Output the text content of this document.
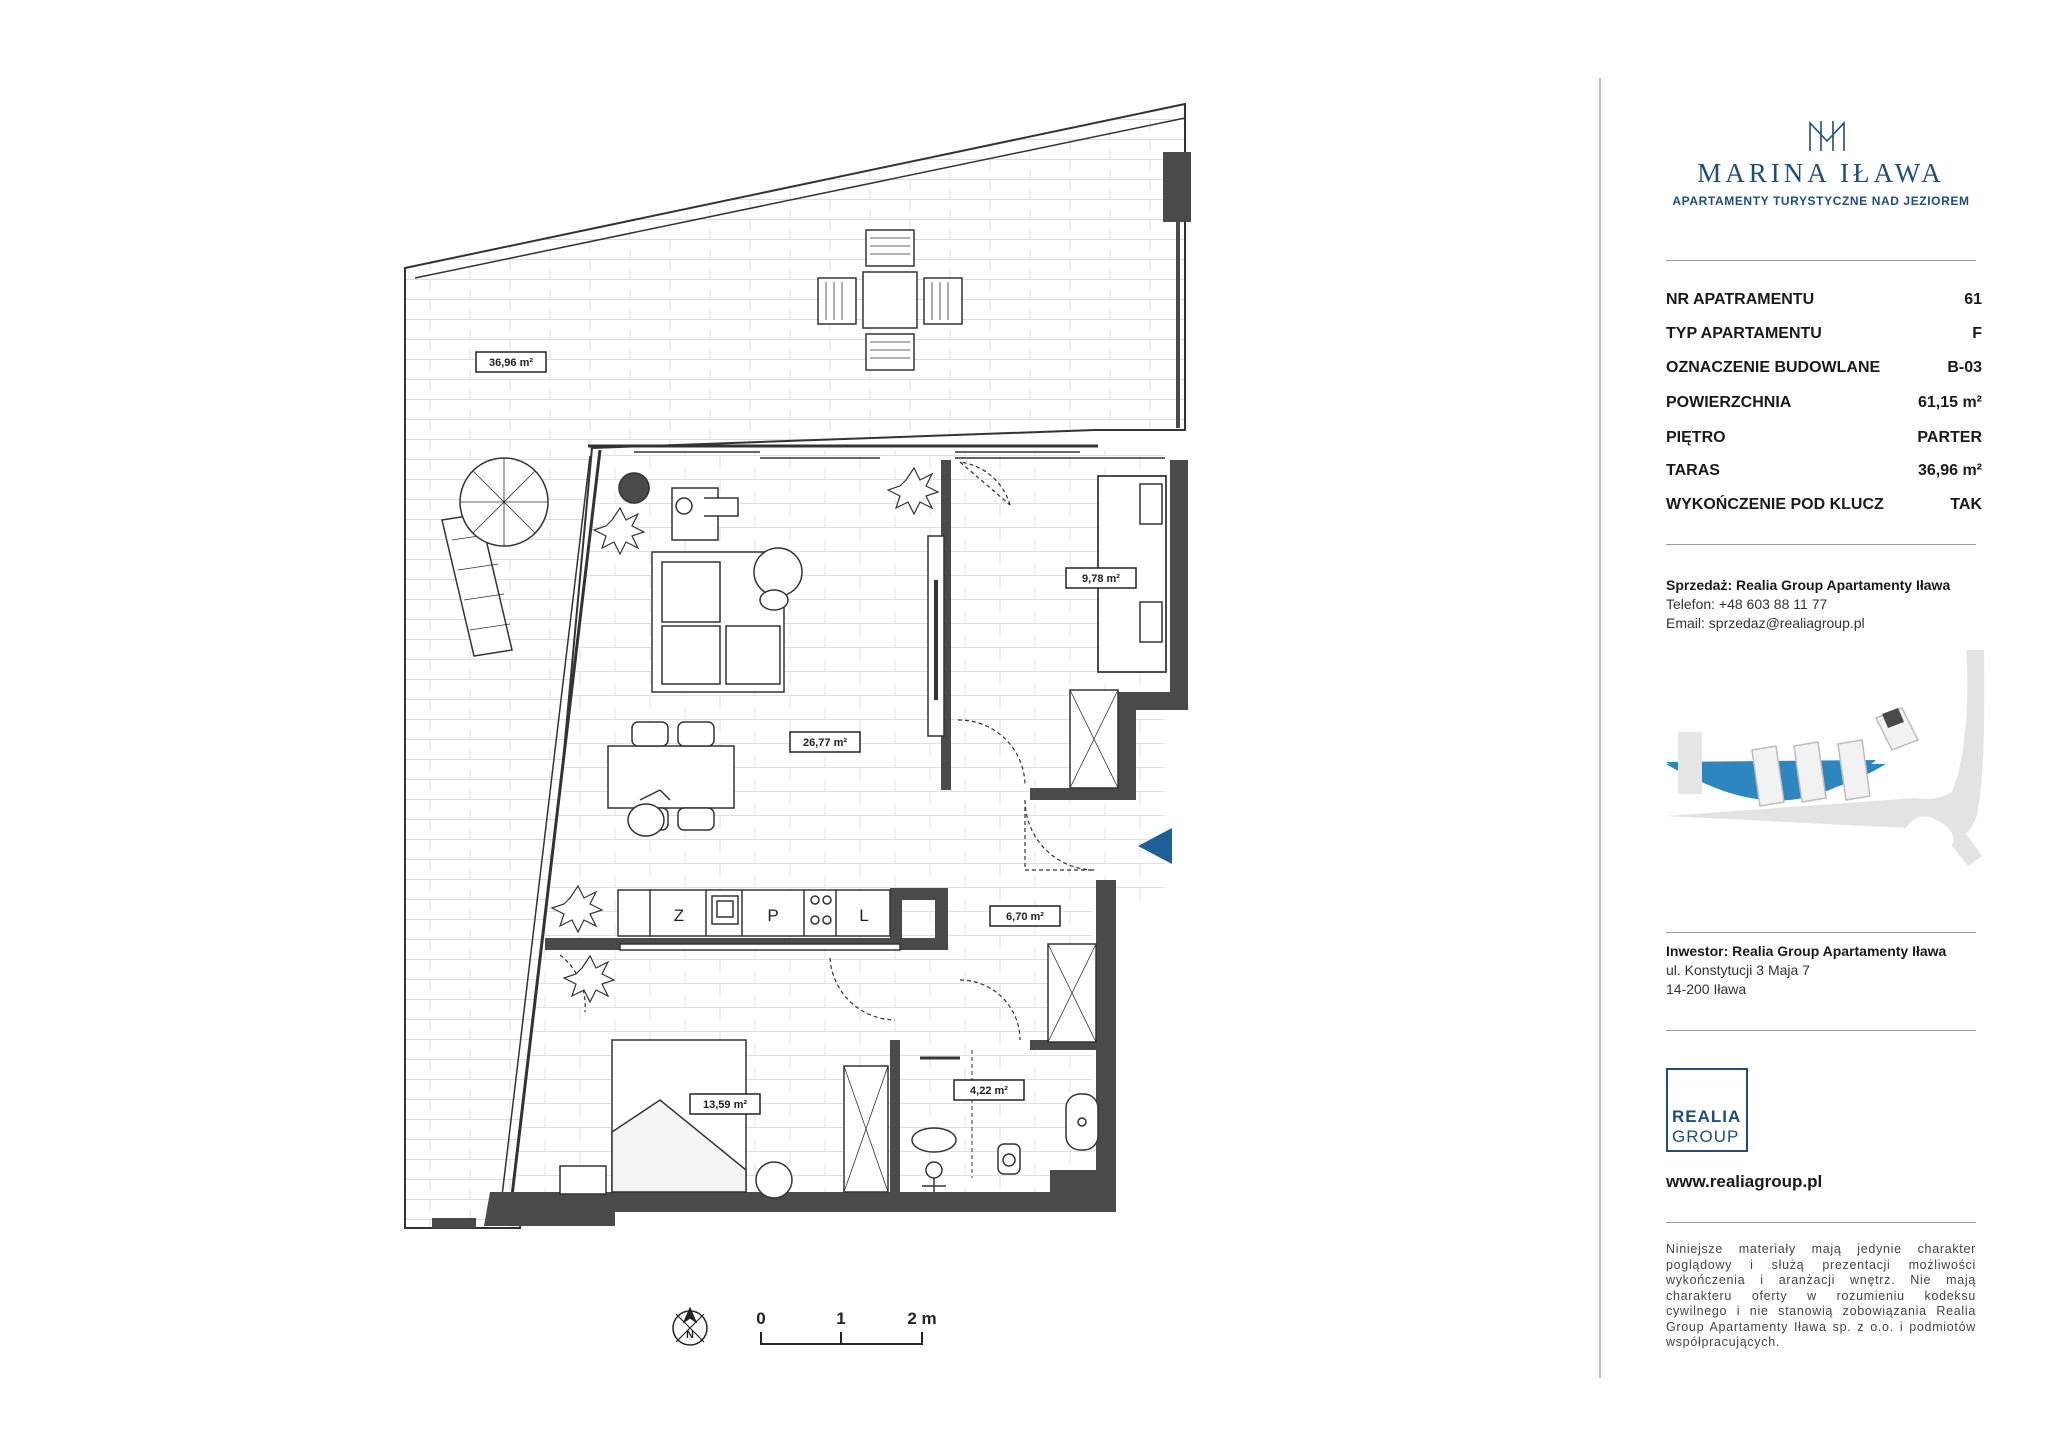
Z	P	L
36,96 m²
26,77 m²
9,78 m²
6,70 m²
13,59 m²
4,22 m²
N
0	1	2 m
MARINA IŁAWA
APARTAMENTY TURYSTYCZNE NAD JEZIOREM
NR APATRAMENTU	61
TYP APARTAMENTU	F
OZNACZENIE BUDOWLANE	B-03
POWIERZCHNIA	61,15 m²
PIĘTRO	PARTER
TARAS	36,96 m²
WYKOŃCZENIE POD KLUCZ	TAK
Sprzedaż: Realia Group Apartamenty Iława
Telefon: +48 603 88 11 77
Email: sprzedaz@realiagroup.pl
Inwestor: Realia Group Apartamenty Iława
ul. Konstytucji 3 Maja 7
14-200 Iława
REALIA
GROUP
www.realiagroup.pl
Niniejsze materiały mają jedynie charakter poglądowy i służą prezentacji możliwości wykończenia i aranżacji wnętrz. Nie mają charakteru oferty w rozumieniu kodeksu cywilnego i nie stanowią zobowiązania Realia Group Apartamenty Iława sp. z o.o. i podmiotów współpracujących.
